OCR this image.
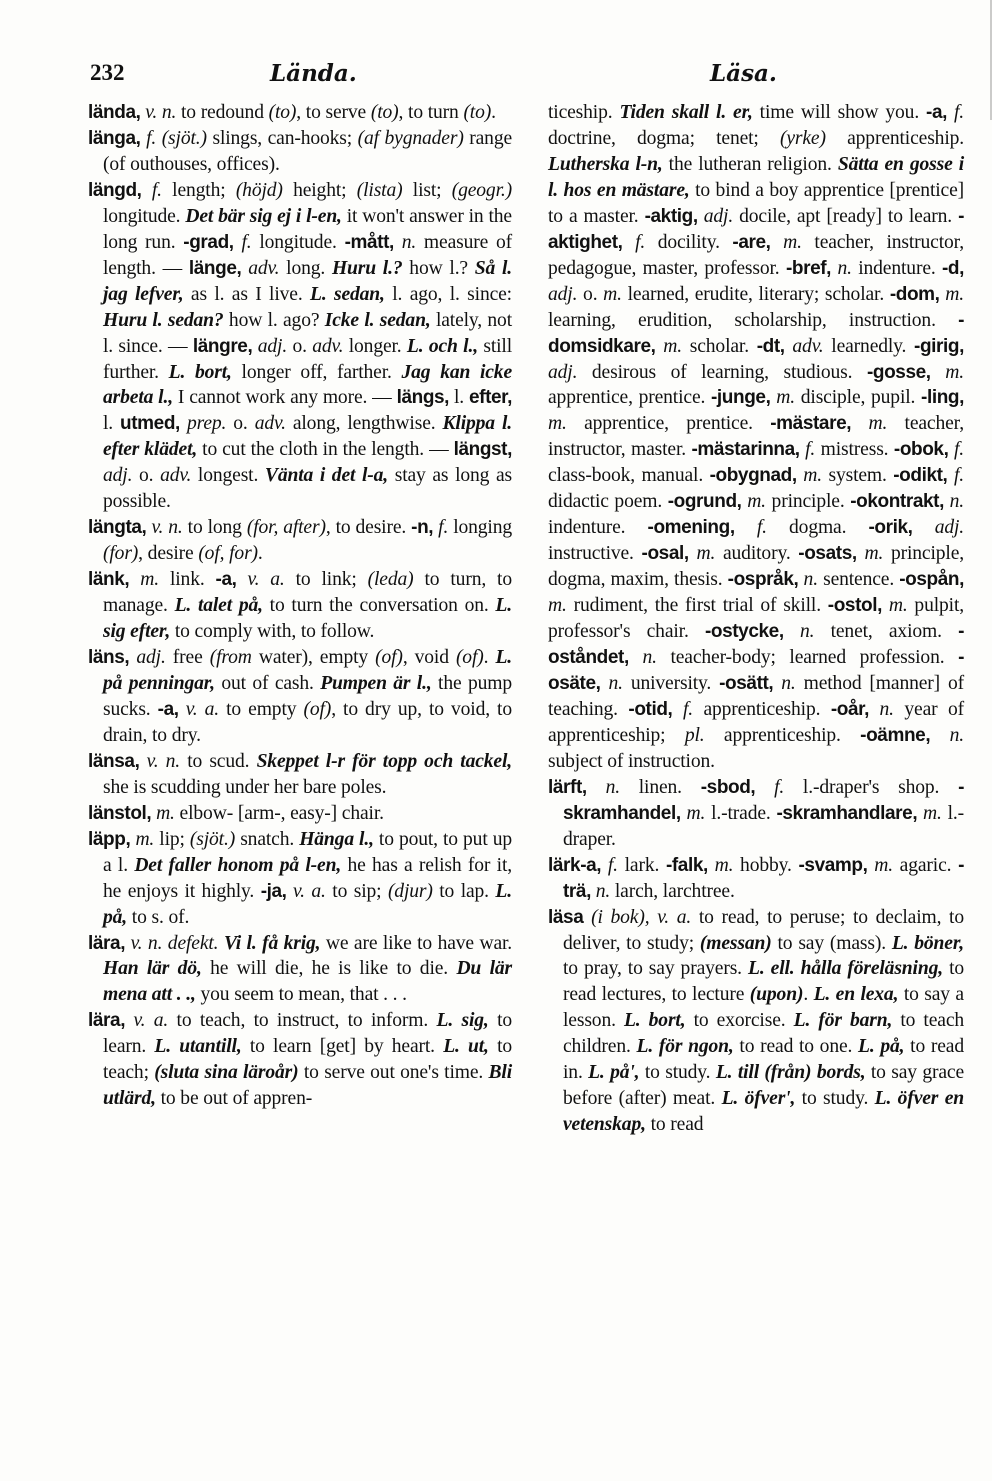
232	Lända.	Läsa.

lända, v. n. to redound (to), to serve (to), to turn (to).

länga, f. (sjöt.) slings, can-hooks; (af bygnader) range (of outhouses, offices).

längd, f. length; (höjd) height; (lista) list; (geogr.) longitude. Det bär sig ej i l-en, it won't answer in the long run. -grad, f. longitude. -mått, n. measure of length. — länge, adv. long. Huru l.? how l.? Så l. jag lefver, as l. as I live. L. sedan, l. ago, l. since: Huru l. sedan? how l. ago? Icke l. sedan, lately, not l. since. — längre, adj. o. adv. longer. L. och l., still further. L. bort, longer off, farther. Jag kan icke arbeta l., I cannot work any more. — längs, l. efter, l. utmed, prep. o. adv. along, lengthwise. Klippa l. efter klädet, to cut the cloth in the length. — längst, adj. o. adv. longest. Vänta i det l-a, stay as long as possible.

längta, v. n. to long (for, after), to desire. -n, f. longing (for), desire (of, for).

länk, m. link. -a, v. a. to link; (leda) to turn, to manage. L. talet på, to turn the conversation on. L. sig efter, to comply with, to follow.

läns, adj. free (from water), empty (of), void (of). L. på penningar, out of cash. Pumpen är l., the pump sucks. -a, v. a. to empty (of), to dry up, to void, to drain, to dry.

länsa, v. n. to scud. Skeppet l-r för topp och tackel, she is scudding under her bare poles.

länstol, m. elbow- [arm-, easy-] chair.

läpp, m. lip; (sjöt.) snatch. Hänga l., to pout, to put up a l. Det faller honom på l-en, he has a relish for it, he enjoys it highly. -ja, v. a. to sip; (djur) to lap. L. på, to s. of.

lära, v. n. defekt. Vi l. få krig, we are like to have war. Han lär dö, he will die, he is like to die. Du lär mena att . ., you seem to mean, that . . .

lära, v. a. to teach, to instruct, to inform. L. sig, to learn. L. utantill, to learn [get] by heart. L. ut, to teach; (sluta sina läroår) to serve out one's time. Bli utlärd, to be out of appren-

ticeship. Tiden skall l. er, time will show you. -a, f. doctrine, dogma; tenet; (yrke) apprenticeship. Lutherska l-n, the lutheran religion. Sätta en gosse i l. hos en mästare, to bind a boy apprentice [prentice] to a master. -aktig, adj. docile, apt [ready] to learn. -aktighet, f. docility. -are, m. teacher, instructor, pedagogue, master, professor. -bref, n. indenture. -d, adj. o. m. learned, erudite, literary; scholar. -dom, m. learning, erudition, scholarship, instruction. -domsidkare, m. scholar. -dt, adv. learnedly. -girig, adj. desirous of learning, studious. -gosse, m. apprentice, prentice. -junge, m. disciple, pupil. -ling, m. apprentice, prentice. -mästare, m. teacher, instructor, master. -mästarinna, f. mistress. -obok, f. class-book, manual. -obygnad, m. system. -odikt, f. didactic poem. -ogrund, m. principle. -okontrakt, n. indenture. -omening, f. dogma. -orik, adj. instructive. -osal, m. auditory. -osats, m. principle, dogma, maxim, thesis. -ospråk, n. sentence. -ospån, m. rudiment, the first trial of skill. -ostol, m. pulpit, professor's chair. -ostycke, n. tenet, axiom. -oståndet, n. teacher-body; learned profession. -osäte, n. university. -osätt, n. method [manner] of teaching. -otid, f. apprenticeship. -oår, n. year of apprenticeship; pl. apprenticeship. -oämne, n. subject of instruction.

lärft, n. linen. -sbod, f. l.-draper's shop. -skramhandel, m. l.-trade. -skramhandlare, m. l.-draper.

lärk-a, f. lark. -falk, m. hobby. -svamp, m. agaric. -trä, n. larch, larchtree.

läsa (i bok), v. a. to read, to peruse; to declaim, to deliver, to study; (messan) to say (mass). L. böner, to pray, to say prayers. L. ell. hålla föreläsning, to read lectures, to lecture (upon). L. en lexa, to say a lesson. L. bort, to exorcise. L. för barn, to teach children. L. för ngon, to read to one. L. på, to read in. L. på', to study. L. till (från) bords, to say grace before (after) meat. L. öfver', to study. L. öfver en vetenskap, to read
